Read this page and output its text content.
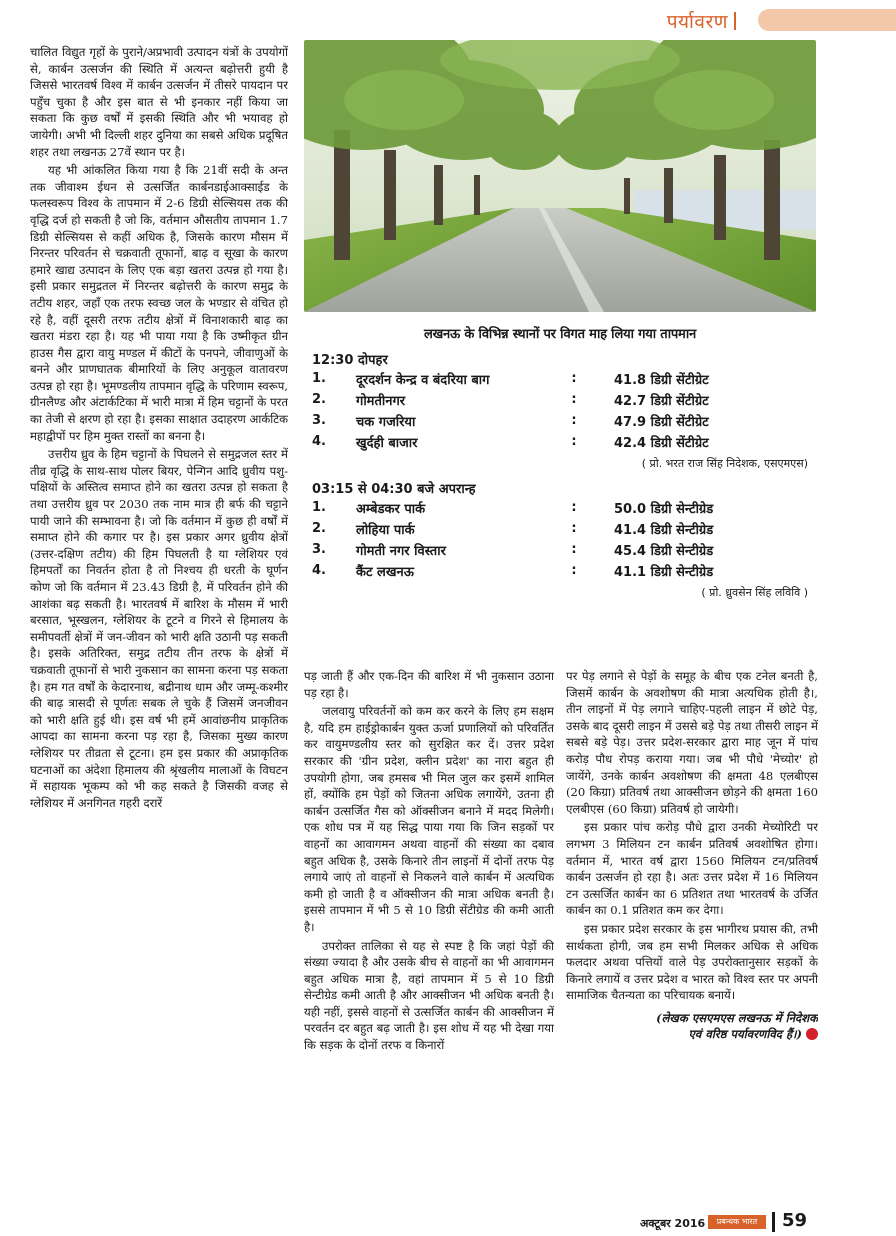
पर्यावरण

चालित विद्युत गृहों के पुराने/अप्रभावी उत्पादन यंत्रों के उपयोगों से, कार्बन उत्सर्जन की स्थिति में अत्यन्त बढ़ोत्तरी हुयी है जिससे भारतवर्ष विश्व में कार्बन उत्सर्जन में तीसरे पायदान पर पहुँच चुका है और इस बात से भी इनकार नहीं किया जा सकता कि कुछ वर्षों में इसकी स्थिति और भी भयावह हो जायेगी। अभी भी दिल्ली शहर दुनिया का सबसे अधिक प्रदूषित शहर तथा लखनऊ 27वें स्थान पर है।

यह भी आंकलित किया गया है कि 21वीं सदी के अन्त तक जीवाश्म ईधन से उत्सर्जित कार्बनडाईआक्साईड के फलस्वरूप विश्व के तापमान में 2-6 डिग्री सेल्सियस तक की वृद्धि दर्ज हो सकती है जो कि, वर्तमान औसतीय तापमान 1.7 डिग्री सेल्सियस से कहीं अधिक है, जिसके कारण मौसम में निरन्तर परिवर्तन से चक्रवाती तूफानों, बाढ़ व सूखा के कारण हमारे खाद्य उत्पादन के लिए एक बड़ा खतरा उत्पन्न हो गया है। इसी प्रकार समुद्रतल में निरन्तर बढ़ोत्तरी के कारण समुद्र के तटीय शहर, जहाँ एक तरफ स्वच्छ जल के भण्डार से वंचित हो रहे है, वहीं दूसरी तरफ तटीय क्षेत्रों में विनाशकारी बाढ़ का खतरा मंडरा रहा है। यह भी पाया गया है कि उष्मीकृत ग्रीन हाउस गैस द्वारा वायु मण्डल में कीटों के पनपने, जीवाणुओं के बनने और प्राणघातक बीमारियों के लिए अनुकूल वातावरण उत्पन्न हो रहा है। भूमण्डलीय तापमान वृद्धि के परिणाम स्वरूप, ग्रीनलैण्ड और अंटार्कटिका में भारी मात्रा में हिम चट्टानों के परत का तेजी से क्षरण हो रहा है। इसका साक्षात उदाहरण आर्कटिक महाद्वीपों पर हिम मुक्त रास्तों का बनना है।

उत्तरीय ध्रुव के हिम चट्टानों के पिघलने से समुद्रजल स्तर में तीव्र वृद्धि के साथ-साथ पोलर बियर, पेन्गिन आदि ध्रुवीय पशु-पक्षियों के अस्तित्व समाप्त होने का खतरा उत्पन्न हो सकता है तथा उत्तरीय ध्रुव पर 2030 तक नाम मात्र ही बर्फ की चट्टाने पायी जाने की सम्भावना है। जो कि वर्तमान में कुछ ही वर्षों में समाप्त होने की कगार पर है। इस प्रकार अगर ध्रुवीय क्षेत्रों (उत्तर-दक्षिण तटीय) की हिम पिघलती है या ग्लेशियर एवं हिमपर्तों का निवर्तन होता है तो निश्चय ही धरती के घूर्णन कोण जो कि वर्तमान में 23.43 डिग्री है, में परिवर्तन होने की आशंका बढ़ सकती है। भारतवर्ष में बारिश के मौसम में भारी बरसात, भूस्खलन, ग्लेशियर के टूटने व गिरने से हिमालय के समीपवर्ती क्षेत्रों में जन-जीवन को भारी क्षति उठानी पड़ सकती है। इसके अतिरिक्त, समुद्र तटीय तीन तरफ के क्षेत्रों में चक्रवाती तूफानों से भारी नुकसान का सामना करना पड़ सकता है। हम गत वर्षों के केदारनाथ, बद्रीनाथ धाम और जम्मू-कश्मीर की बाढ़ त्रासदी से पूर्णतः सबक ले चुके हैं जिसमें जनजीवन को भारी क्षति हुई थी। इस वर्ष भी हमें आवांछनीय प्राकृतिक आपदा का सामना करना पड़ रहा है, जिसका मुख्य कारण ग्लेशियर पर तीव्रता से टूटना। हम इस प्रकार की अप्राकृतिक घटनाओं का अंदेशा हिमालय की श्रृंखलीय मालाओं के विघटन में सहायक भूकम्प को भी कह सकते है जिसकी वजह से ग्लेशियर में अनगिनत गहरी दरारें

लखनऊ के विभिन्न स्थानों पर विगत माह लिया गया तापमान
12:30 दोपहर
1.	दूरदर्शन केन्द्र व बंदरिया बाग	:	41.8 डिग्री सेंटीग्रेट
2.	गोमतीनगर	:	42.7 डिग्री सेंटीग्रेट
3.	चक गजरिया	:	47.9 डिग्री सेंटीग्रेट
4.	खुर्दही बाजार	:	42.4 डिग्री सेंटीग्रेट
( प्रो. भरत राज सिंह निदेशक, एसएमएस)
03:15 से 04:30 बजे अपरान्ह
1.	अम्बेडकर पार्क	:	50.0 डिग्री सेन्टीग्रेड
2.	लोहिया पार्क	:	41.4 डिग्री सेन्टीग्रेड
3.	गोमती नगर विस्तार	:	45.4 डिग्री सेन्टीग्रेड
4.	कैंट लखनऊ	:	41.1 डिग्री सेन्टीग्रेड
( प्रो. ध्रुवसेन सिंह लविवि )

पड़ जाती हैं और एक-दिन की बारिश में भी नुकसान उठाना पड़ रहा है।

जलवायु परिवर्तनों को कम कर करने के लिए हम सक्षम है, यदि हम हाईड्रोकार्बन युक्त ऊर्जा प्रणालियों को परिवर्तित कर वायुमण्डलीय स्तर को सुरक्षित कर दें। उत्तर प्रदेश सरकार की 'ग्रीन प्रदेश, क्लीन प्रदेश' का नारा बहुत ही उपयोगी होगा, जब हमसब भी मिल जुल कर इसमें शामिल हों, क्योंकि हम पेड़ों को जितना अधिक लगायेंगे, उतना ही कार्बन उत्सर्जित गैस को ऑक्सीजन बनाने में मदद मिलेगी। एक शोध पत्र में यह सिद्ध पाया गया कि जिन सड़कों पर वाहनों का आवागमन अथवा वाहनों की संख्या का दबाव बहुत अधिक है, उसके किनारे तीन लाइनों में दोनों तरफ पेड़ लगाये जाएं तो वाहनों से निकलने वाले कार्बन में अत्यधिक कमी हो जाती है व ऑक्सीजन की मात्रा अधिक बनती है। इससे तापमान में भी 5 से 10 डिग्री सेंटीग्रेड की कमी आती है।

उपरोक्त तालिका से यह से स्पष्ट है कि जहां पेड़ों की संख्या ज्यादा है और उसके बीच से वाहनों का भी आवागमन बहुत अधिक मात्रा है, वहां तापमान में 5 से 10 डिग्री सेन्टीग्रेड कमी आती है और आक्सीजन भी अधिक बनती है। यही नहीं, इससे वाहनों से उत्सर्जित कार्बन की आक्सीजन में परवर्तन दर बहुत बढ़ जाती है। इस शोध में यह भी देखा गया कि सड़क के दोनों तरफ व किनारों

पर पेड़ लगाने से पेड़ों के समूह के बीच एक टनेल बनती है, जिसमें कार्बन के अवशोषण की मात्रा अत्यधिक होती है।, तीन लाइनों में पेड़ लगाने चाहिए-पहली लाइन में छोटे पेड़, उसके बाद दूसरी लाइन में उससे बड़े पेड़ तथा तीसरी लाइन में सबसे बड़े पेड़। उत्तर प्रदेश-सरकार द्वारा माह जून में पांच करोड़ पौध रोपड़ कराया गया। जब भी पौधे 'मेच्योर' हो जायेंगे, उनके कार्बन अवशोषण की क्षमता 48 एलबीएस (20 किग्रा) प्रतिवर्ष तथा आक्सीजन छोड़ने की क्षमता 160 एलबीएस (60 किग्रा) प्रतिवर्ष हो जायेगी।

इस प्रकार पांच करोड़ पौधे द्वारा उनकी मेच्योरिटी पर लगभग 3 मिलियन टन कार्बन प्रतिवर्ष अवशोषित होगा। वर्तमान में, भारत वर्ष द्वारा 1560 मिलियन टन/प्रतिवर्ष कार्बन उत्सर्जन हो रहा है। अतः उत्तर प्रदेश में 16 मिलियन टन उत्सर्जित कार्बन का 6 प्रतिशत तथा भारतवर्ष के उर्जित कार्बन का 0.1 प्रतिशत कम कर देगा।

इस प्रकार प्रदेश सरकार के इस भागीरथ प्रयास की, तभी सार्थकता होगी, जब हम सभी मिलकर अधिक से अधिक फलदार अथवा पत्तियों वाले पेड़ उपरोक्तानुसार सड़कों के किनारे लगायें व उत्तर प्रदेश व भारत को विश्व स्तर पर अपनी सामाजिक चैतन्यता का परिचायक बनायें।

(लेखक एसएमएस लखनऊ में निदेशक
एवं वरिष्ठ पर्यावरणविद हैं।)

अक्टूबर 2016	प्रबन्धक भारत	59
